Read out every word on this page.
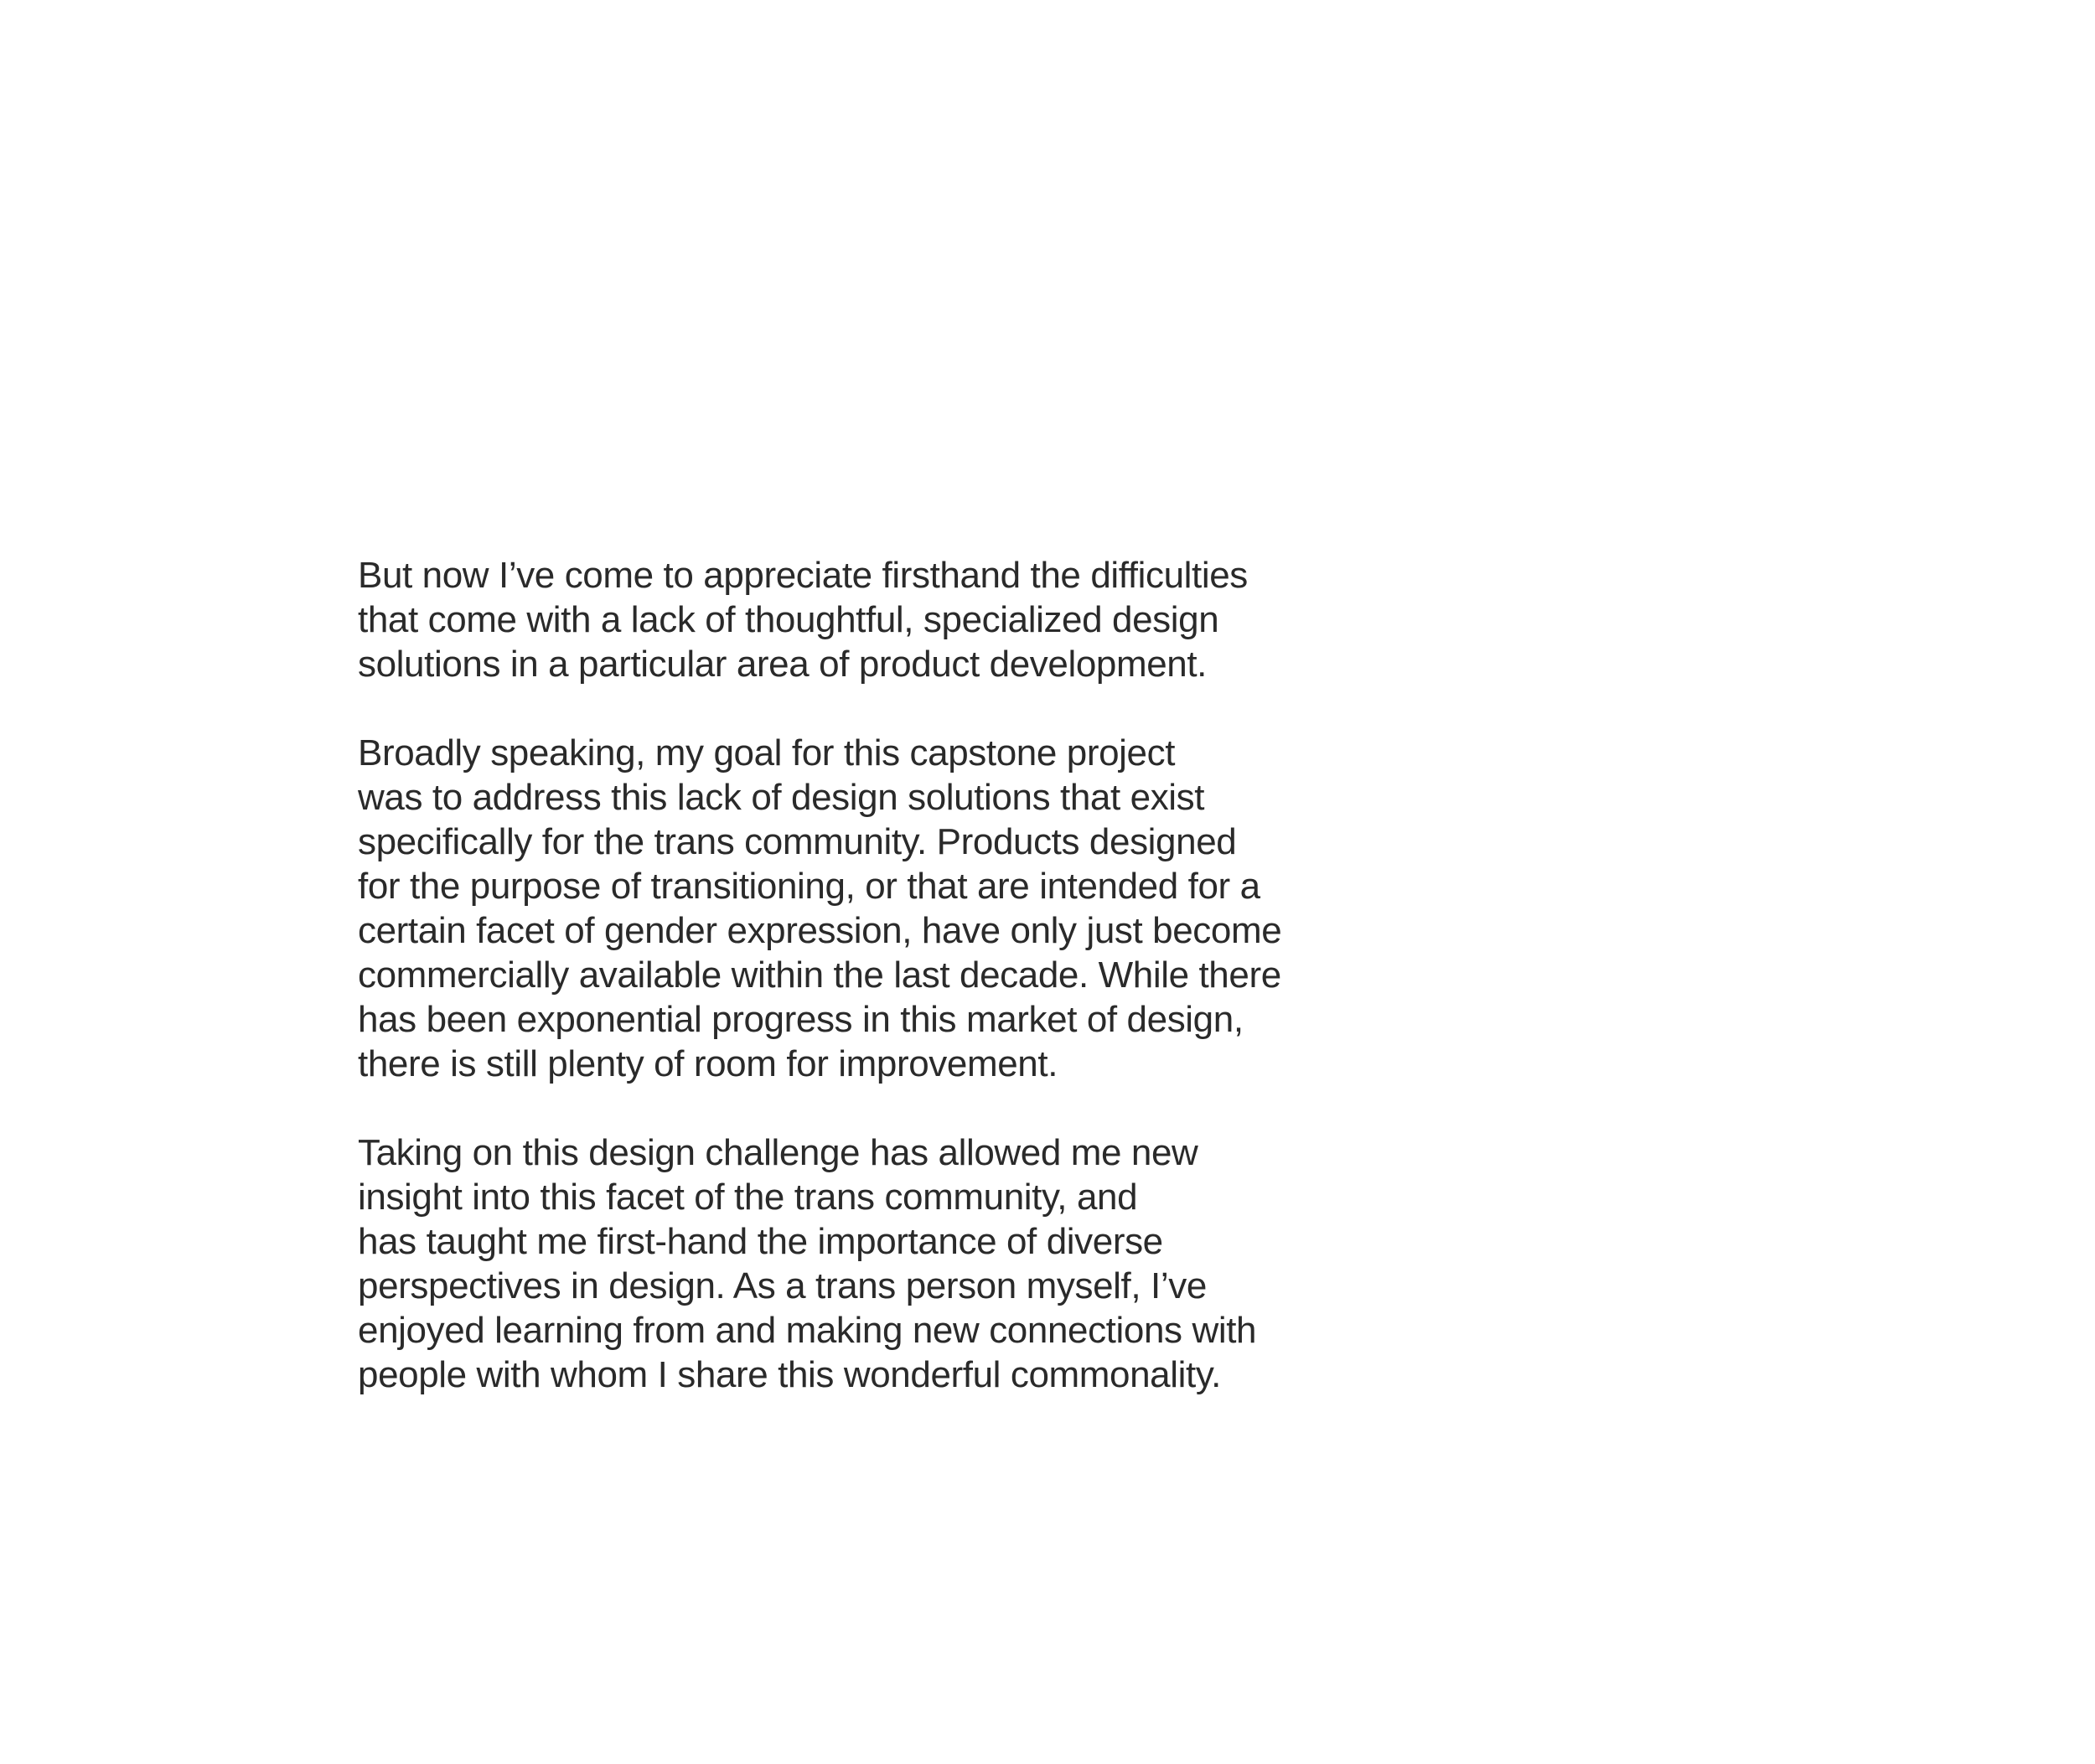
But now I’ve come to appreciate firsthand the difficulties
that come with a lack of thoughtful, specialized design
solutions in a particular area of product development.

Broadly speaking, my goal for this capstone project
was to address this lack of design solutions that exist
specifically for the trans community. Products designed
for the purpose of transitioning, or that are intended for a
certain facet of gender expression, have only just become
commercially available within the last decade. While there
has been exponential progress in this market of design,
there is still plenty of room for improvement.

Taking on this design challenge has allowed me new
insight into this facet of the trans community, and
has taught me first-hand the importance of diverse
perspectives in design. As a trans person myself, I’ve
enjoyed learning from and making new connections with
people with whom I share this wonderful commonality.
